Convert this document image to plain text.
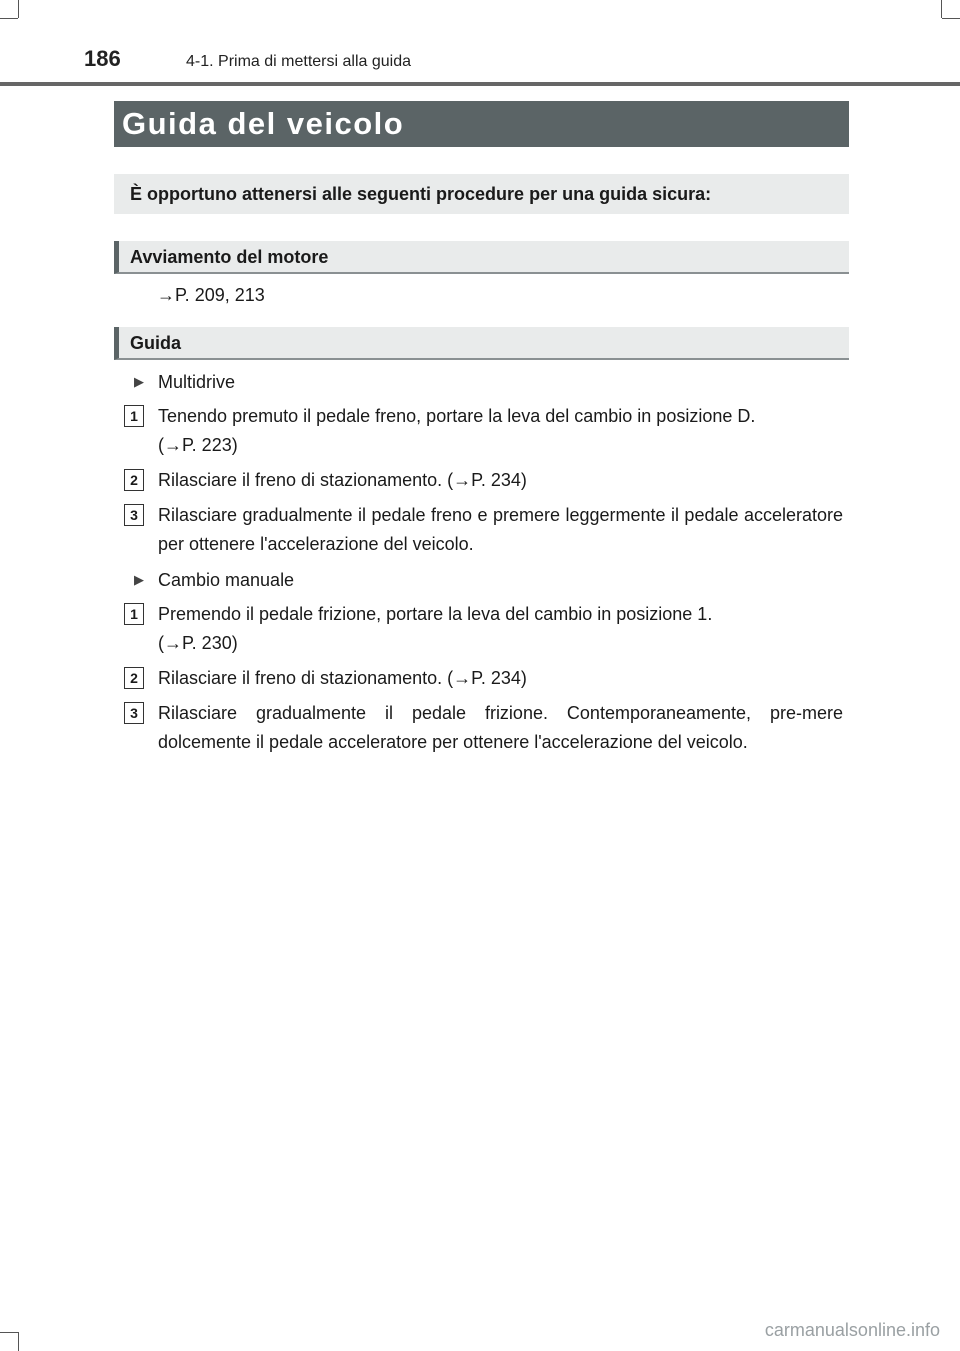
186	4-1. Prima di mettersi alla guida
Guida del veicolo
È opportuno attenersi alle seguenti procedure per una guida sicura:
Avviamento del motore
→P. 209, 213
Guida
▶ Multidrive
1	Tenendo premuto il pedale freno, portare la leva del cambio in posizione D.
(→P. 223)
2	Rilasciare il freno di stazionamento. (→P. 234)
3	Rilasciare gradualmente il pedale freno e premere leggermente il pedale acceleratore per ottenere l'accelerazione del veicolo.
▶ Cambio manuale
1	Premendo il pedale frizione, portare la leva del cambio in posizione 1.
(→P. 230)
2	Rilasciare il freno di stazionamento. (→P. 234)
3	Rilasciare gradualmente il pedale frizione. Contemporaneamente, pre-mere dolcemente il pedale acceleratore per ottenere l'accelerazione del veicolo.
carmanualsonline.info
